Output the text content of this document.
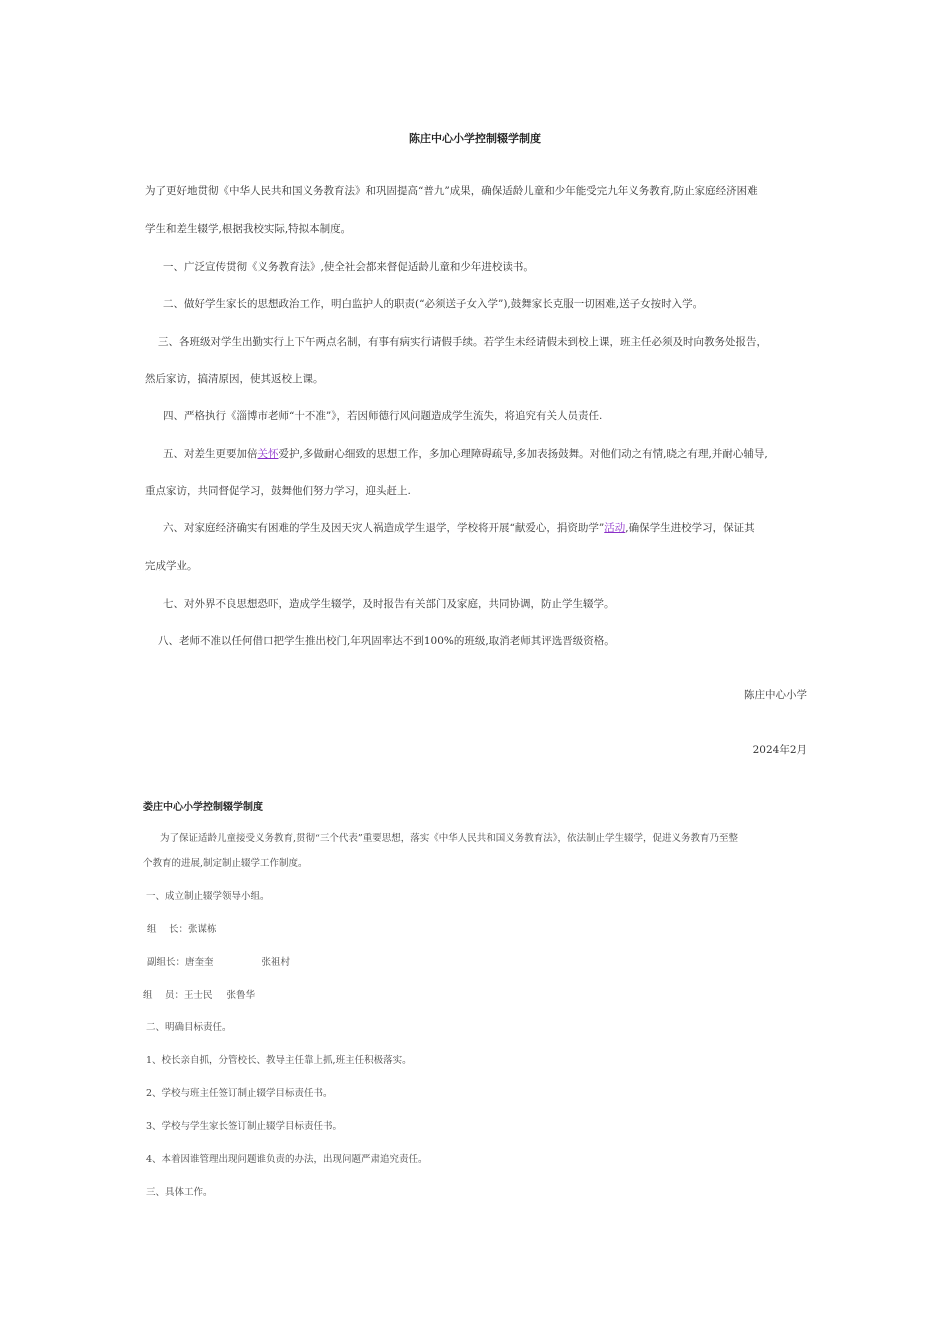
陈庄中心小学控制辍学制度
为了更好地贯彻《中华人民共和国义务教育法》和巩固提高“普九”成果，确保适龄儿童和少年能受完九年义务教育,防止家庭经济困难
学生和差生辍学,根据我校实际,特拟本制度。
一、广泛宣传贯彻《义务教育法》,使全社会都来督促适龄儿童和少年进校读书。
二、做好学生家长的思想政治工作，明白监护人的职责(“必须送子女入学”),鼓舞家长克服一切困难,送子女按时入学。
三、各班级对学生出勤实行上下午两点名制，有事有病实行请假手续。若学生未经请假未到校上课，班主任必须及时向教务处报告，
然后家访，搞清原因，使其返校上课。
四、严格执行《淄博市老师“十不准”》，若因师德行风问题造成学生流失，将追究有关人员责任.
五、对差生更要加倍关怀爱护,多做耐心细致的思想工作，多加心理障碍疏导,多加表扬鼓舞。对他们动之有情,晓之有理,并耐心辅导,
重点家访，共同督促学习，鼓舞他们努力学习，迎头赶上.
六、对家庭经济确实有困难的学生及因天灾人祸造成学生退学，学校将开展“献爱心，捐资助学”活动,确保学生进校学习，保证其
完成学业。
七、对外界不良思想恐吓，造成学生辍学，及时报告有关部门及家庭，共同协调，防止学生辍学。
八、老师不准以任何借口把学生推出校门,年巩固率达不到100%的班级,取消老师其评选晋级资格。
陈庄中心小学
2024年2月
娄庄中心小学控制辍学制度
为了保证适龄儿童接受义务教育,贯彻“三个代表”重要思想，落实《中华人民共和国义务教育法》，依法制止学生辍学，促进义务教育乃至整
个教育的进展,制定制止辍学工作制度。
一、成立制止辍学领导小组。
组　 长：张谋栋
副组长：唐奎奎	张祖村
组　 员：王士民 张鲁华
二、明确目标责任。
1、校长亲自抓，分管校长、教导主任靠上抓,班主任积极落实。
2、学校与班主任签订制止辍学目标责任书。
3、学校与学生家长签订制止辍学目标责任书。
4、本着因谁管理出现问题谁负责的办法，出现问题严肃追究责任。
三、具体工作。
